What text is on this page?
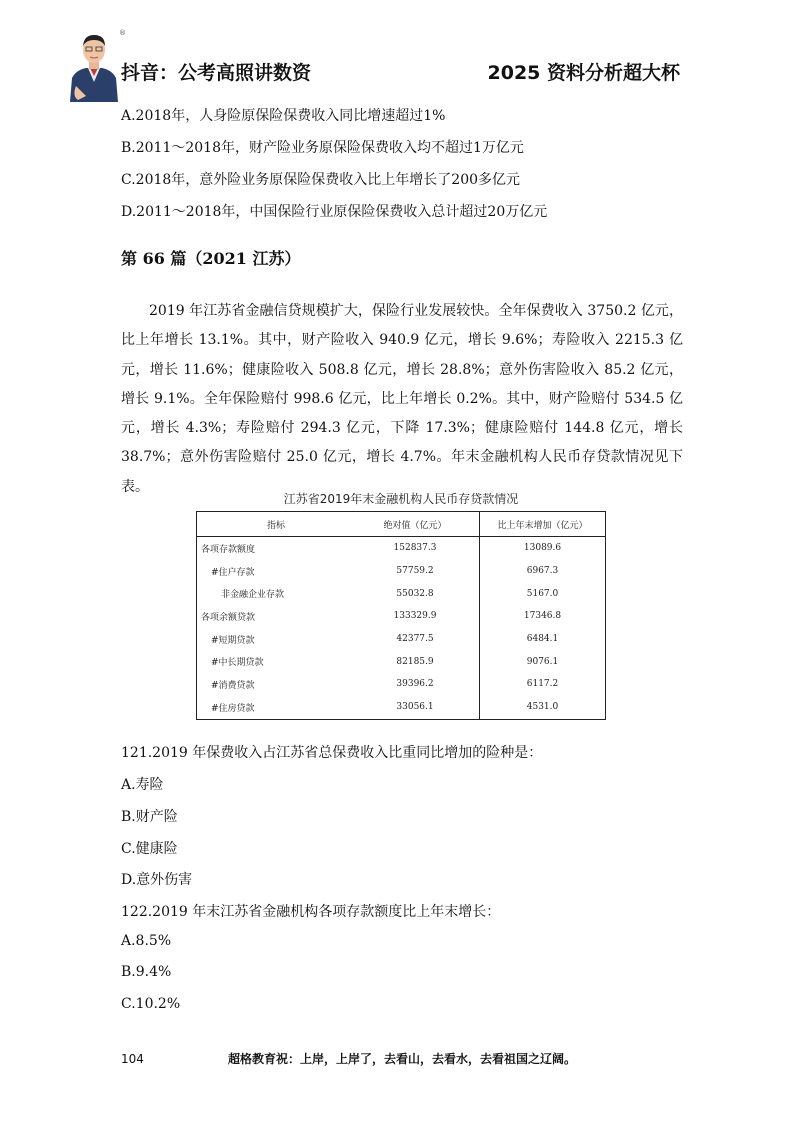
®
抖音：公考高照讲数资	2025 资料分析超大杯
A.2018年，人身险原保险保费收入同比增速超过1%
B.2011～2018年，财产险业务原保险保费收入均不超过1万亿元
C.2018年，意外险业务原保险保费收入比上年增长了200多亿元
D.2011～2018年，中国保险行业原保险保费收入总计超过20万亿元
第 66 篇（2021 江苏）
2019 年江苏省金融信贷规模扩大，保险行业发展较快。全年保费收入 3750.2 亿元，比上年增长 13.1%。其中，财产险收入 940.9 亿元，增长 9.6%；寿险收入 2215.3 亿元，增长 11.6%；健康险收入 508.8 亿元，增长 28.8%；意外伤害险收入 85.2 亿元，增长 9.1%。全年保险赔付 998.6 亿元，比上年增长 0.2%。其中，财产险赔付 534.5 亿元，增长 4.3%；寿险赔付 294.3 亿元，下降 17.3%；健康险赔付 144.8 亿元，增长 38.7%；意外伤害险赔付 25.0 亿元，增长 4.7%。年末金融机构人民币存贷款情况见下表。
江苏省2019年末金融机构人民币存贷款情况
指标	绝对值（亿元）	比上年末增加（亿元）
各项存款额度	152837.3	13089.6
#住户存款	57759.2	6967.3
非金融企业存款	55032.8	5167.0
各项余额贷款	133329.9	17346.8
#短期贷款	42377.5	6484.1
#中长期贷款	82185.9	9076.1
#消费贷款	39396.2	6117.2
#住房贷款	33056.1	4531.0
121.2019 年保费收入占江苏省总保费收入比重同比增加的险种是：
A.寿险
B.财产险
C.健康险
D.意外伤害
122.2019 年末江苏省金融机构各项存款额度比上年末增长：
A.8.5%
B.9.4%
C.10.2%
104	超格教育祝：上岸，上岸了，去看山，去看水，去看祖国之辽阔。
